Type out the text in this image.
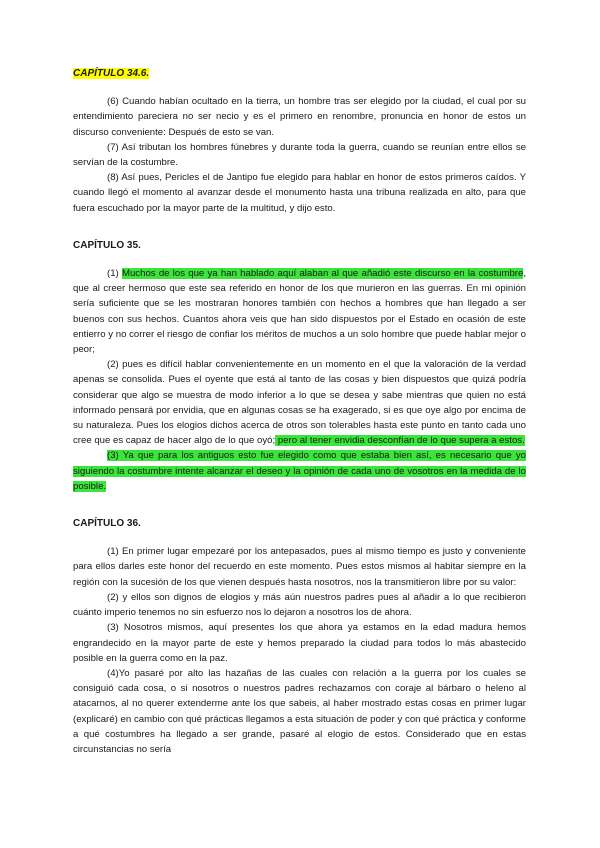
CAPÍTULO 34.6.

(6) Cuando habían ocultado en la tierra, un hombre tras ser elegido por la ciudad, el cual por su entendimiento pareciera no ser necio y es el primero en renombre, pronuncia en honor de estos un discurso conveniente: Después de esto se van.

(7) Así tributan los hombres fúnebres y durante toda la guerra, cuando se reunían entre ellos se servían de la costumbre.

(8) Así pues, Pericles el de Jantipo fue elegido para hablar en honor de estos primeros caídos. Y cuando llegó el momento al avanzar desde el monumento hasta una tribuna realizada en alto, para que fuera escuchado por la mayor parte de la multitud, y dijo esto.

CAPÍTULO 35.

(1) Muchos de los que ya han hablado aquí alaban al que añadió este discurso en la costumbre, que al creer hermoso que este sea referido en honor de los que murieron en las guerras. En mi opinión sería suficiente que se les mostraran honores también con hechos a hombres que han llegado a ser buenos con sus hechos. Cuantos ahora veis que han sido dispuestos por el Estado en ocasión de este entierro y no correr el riesgo de confiar los méritos de muchos a un solo hombre que puede hablar mejor o peor;

(2) pues es difícil hablar convenientemente en un momento en el que la valoración de la verdad apenas se consolida. Pues el oyente que está al tanto de las cosas y bien dispuestos que quizá podría considerar que algo se muestra de modo inferior a lo que se desea y sabe mientras que quien no está informado pensará por envidia, que en algunas cosas se ha exagerado, si es que oye algo por encima de su naturaleza. Pues los elogios dichos acerca de otros son tolerables hasta este punto en tanto cada uno cree que es capaz de hacer algo de lo que oyó; pero al tener envidia desconfían de lo que supera a estos.

(3) Ya que para los antiguos esto fue elegido como que estaba bien así, es necesario que yo siguiendo la costumbre intente alcanzar el deseo y la opinión de cada uno de vosotros en la medida de lo posible.

CAPÍTULO 36.

(1) En primer lugar empezaré por los antepasados, pues al mismo tiempo es justo y conveniente para ellos darles este honor del recuerdo en este momento. Pues estos mismos al habitar siempre en la región con la sucesión de los que vienen después hasta nosotros, nos la transmitieron libre por su valor:

(2) y ellos son dignos de elogios y más aún nuestros padres pues al añadir a lo que recibieron cuánto imperio tenemos no sin esfuerzo nos lo dejaron a nosotros los de ahora.

(3) Nosotros mismos, aquí presentes los que ahora ya estamos en la edad madura hemos engrandecido en la mayor parte de este y hemos preparado la ciudad para todos lo más abastecido posible en la guerra como en la paz.

(4)Yo pasaré por alto las hazañas de las cuales con relación a la guerra por los cuales se consiguió cada cosa, o si nosotros o nuestros padres rechazamos con coraje al bárbaro o heleno al atacarnos, al no querer extenderme ante los que sabeis, al haber mostrado estas cosas en primer lugar (explicaré) en cambio con qué prácticas llegamos a esta situación de poder y con qué práctica y conforme a qué costumbres ha llegado a ser grande, pasaré al elogio de estos. Considerado que en estas circunstancias no sería
